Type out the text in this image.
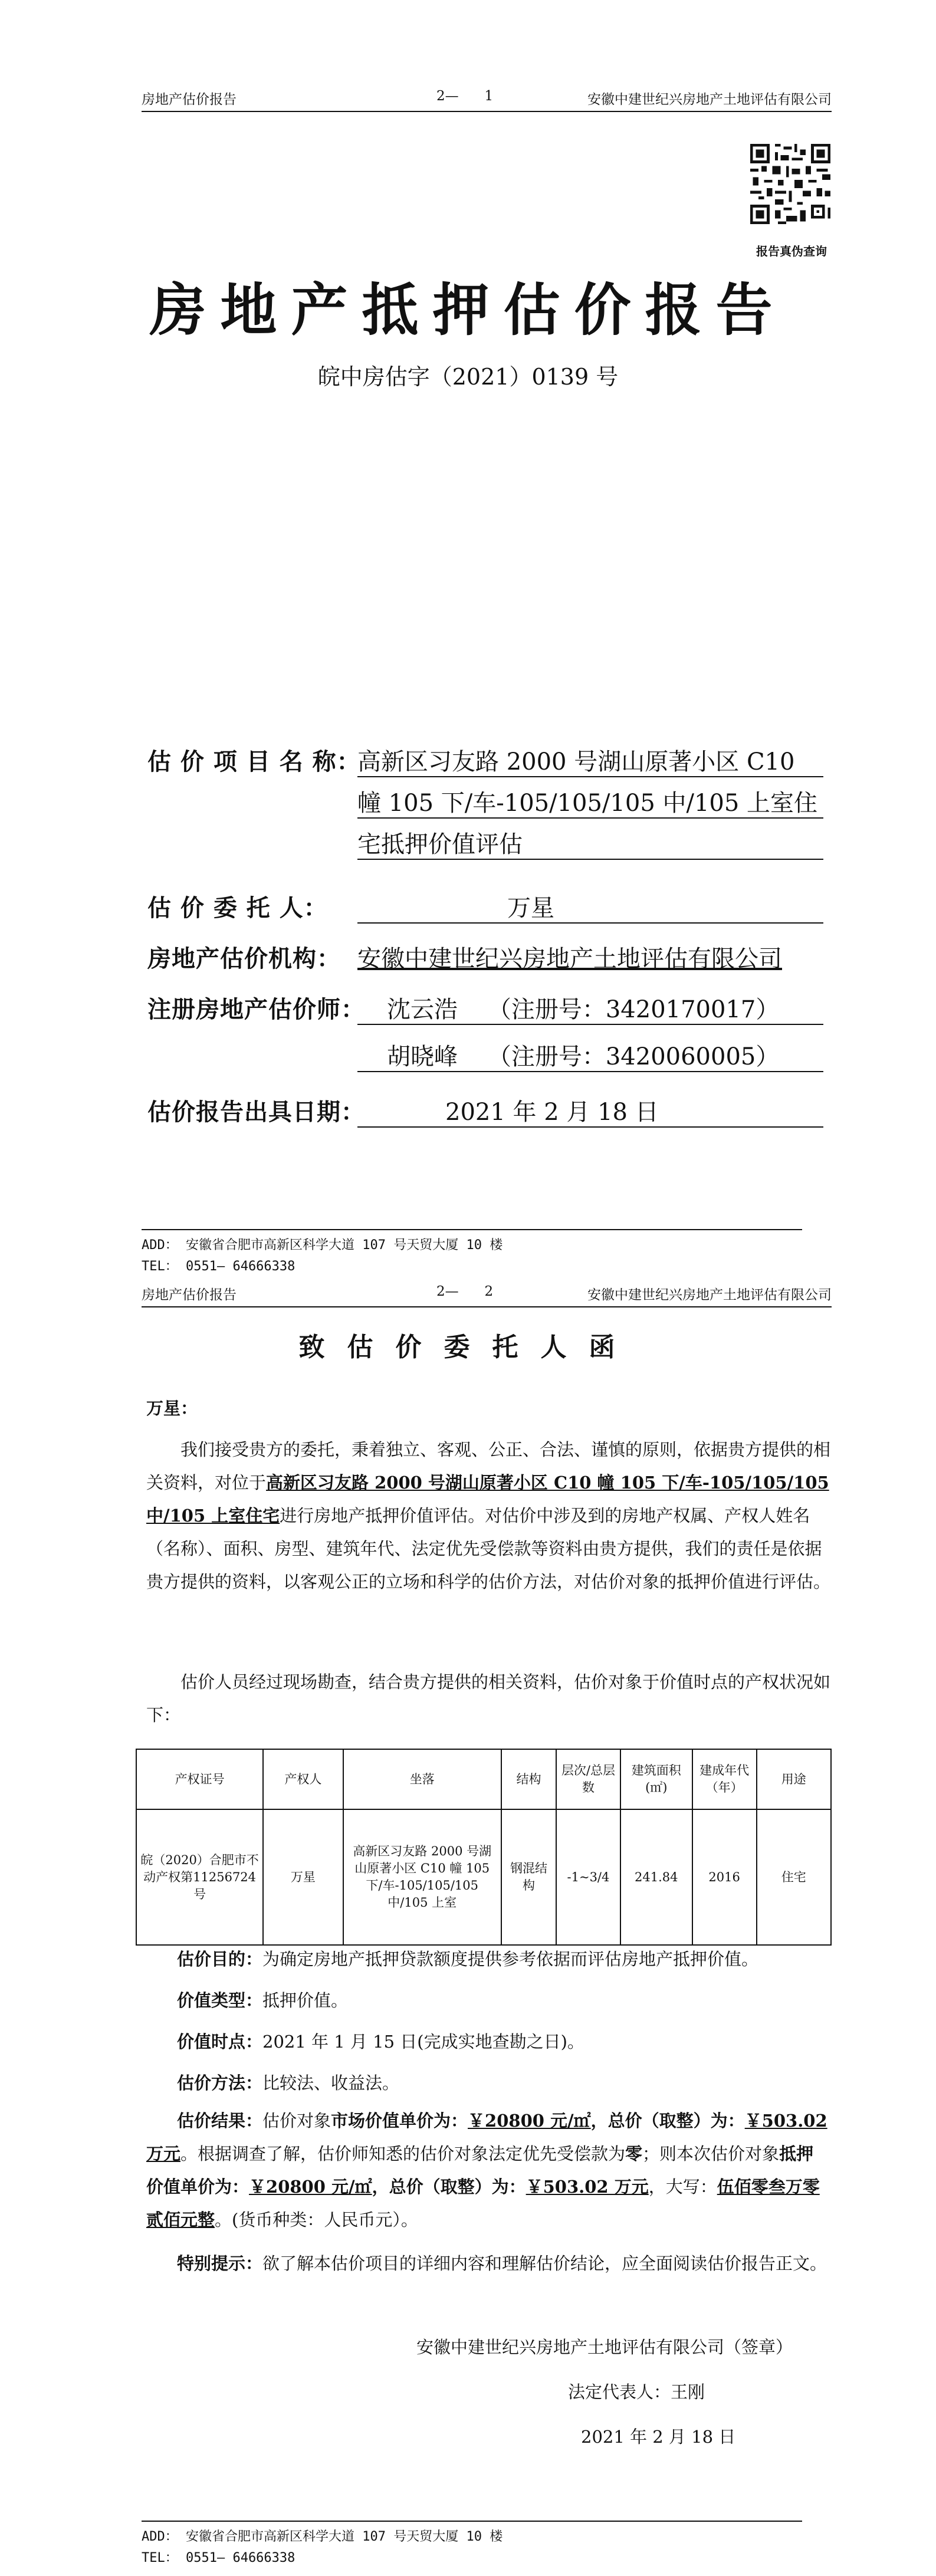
房地产估价报告	2—      1	安徽中建世纪兴房地产土地评估有限公司
报告真伪查询
房地产抵押估价报告
皖中房估字（2021）0139 号
估 价 项 目 名 称：
高新区习友路 2000 号湖山原著小区 C10
幢 105 下/车-105/105/105 中/105 上室住
宅抵押价值评估
估 价 委 托 人：	万星
房地产估价机构： 安徽中建世纪兴房地产土地评估有限公司
注册房地产估价师： 沈云浩    （注册号：3420170017）
胡晓峰    （注册号：3420060005）
估价报告出具日期：	2021 年 2 月 18 日
ADD： 安徽省合肥市高新区科学大道 107 号天贸大厦 10 楼
TEL： 0551— 64666338
房地产估价报告	2—      2	安徽中建世纪兴房地产土地评估有限公司
致估价委托人函
万星：
我们接受贵方的委托，秉着独立、客观、公正、合法、谨慎的原则，依据贵方提供的相关资料，对位于高新区习友路 2000 号湖山原著小区 C10 幢 105 下/车-105/105/105 中/105 上室住宅进行房地产抵押价值评估。对估价中涉及到的房地产权属、产权人姓名（名称）、面积、房型、建筑年代、法定优先受偿款等资料由贵方提供，我们的责任是依据贵方提供的资料，以客观公正的立场和科学的估价方法，对估价对象的抵押价值进行评估。
估价人员经过现场勘查，结合贵方提供的相关资料，估价对象于价值时点的产权状况如下：
产权证号	产权人	坐落	结构	层次/总层数	建筑面积(㎡)	建成年代（年）	用途
皖（2020）合肥市不动产权第11256724号	万星	高新区习友路 2000 号湖山原著小区 C10 幢 105 下/车-105/105/105 中/105 上室	钢混结构	-1~3/4	241.84	2016	住宅
估价目的：为确定房地产抵押贷款额度提供参考依据而评估房地产抵押价值。
价值类型：抵押价值。
价值时点：2021 年 1 月 15 日(完成实地查勘之日)。
估价方法：比较法、收益法。
估价结果：估价对象市场价值单价为：￥20800 元/㎡，总价（取整）为：￥503.02 万元。根据调查了解，估价师知悉的估价对象法定优先受偿款为零；则本次估价对象抵押价值单价为：￥20800 元/㎡，总价（取整）为：￥503.02 万元，大写：伍佰零叁万零贰佰元整。(货币种类：人民币元）。
特别提示：欲了解本估价项目的详细内容和理解估价结论，应全面阅读估价报告正文。
安徽中建世纪兴房地产土地评估有限公司（签章）
法定代表人：王刚
2021 年 2 月 18 日
ADD： 安徽省合肥市高新区科学大道 107 号天贸大厦 10 楼
TEL： 0551— 64666338
